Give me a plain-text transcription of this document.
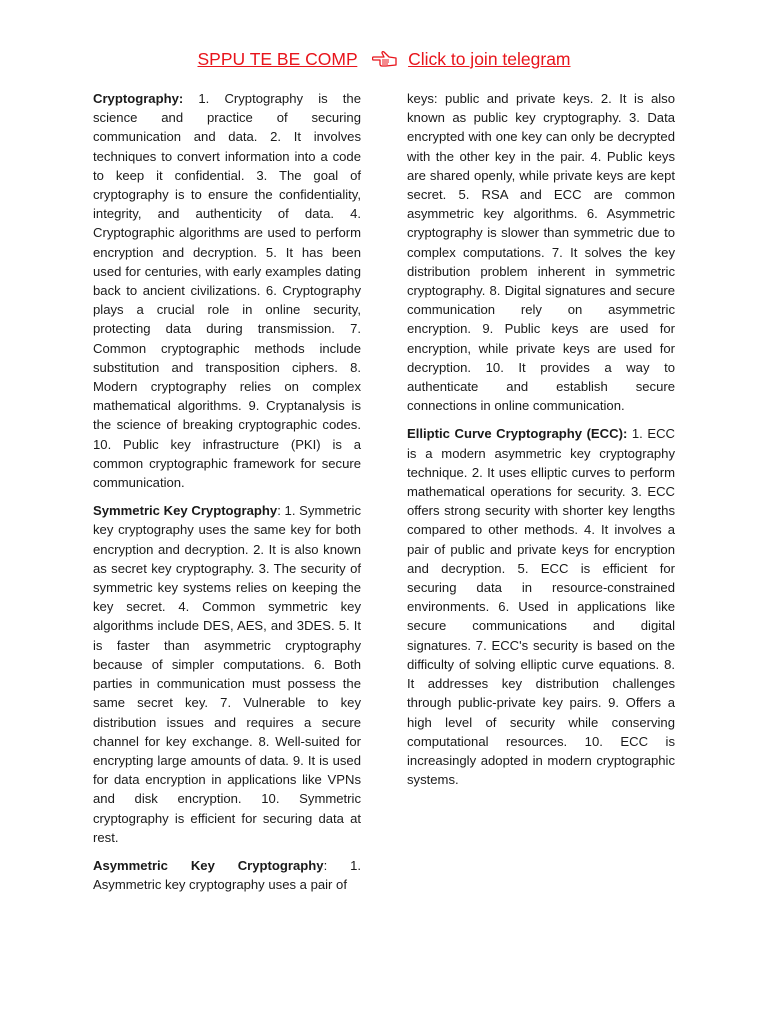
SPPU TE BE COMP	Click to join telegram

Cryptography: 1. Cryptography is the science and practice of securing communication and data. 2. It involves techniques to convert information into a code to keep it confidential. 3. The goal of cryptography is to ensure the confidentiality, integrity, and authenticity of data. 4. Cryptographic algorithms are used to perform encryption and decryption. 5. It has been used for centuries, with early examples dating back to ancient civilizations. 6. Cryptography plays a crucial role in online security, protecting data during transmission. 7. Common cryptographic methods include substitution and transposition ciphers. 8. Modern cryptography relies on complex mathematical algorithms. 9. Cryptanalysis is the science of breaking cryptographic codes. 10. Public key infrastructure (PKI) is a common cryptographic framework for secure communication.

Symmetric Key Cryptography: 1. Symmetric key cryptography uses the same key for both encryption and decryption. 2. It is also known as secret key cryptography. 3. The security of symmetric key systems relies on keeping the key secret. 4. Common symmetric key algorithms include DES, AES, and 3DES. 5. It is faster than asymmetric cryptography because of simpler computations. 6. Both parties in communication must possess the same secret key. 7. Vulnerable to key distribution issues and requires a secure channel for key exchange. 8. Well-suited for encrypting large amounts of data. 9. It is used for data encryption in applications like VPNs and disk encryption. 10. Symmetric cryptography is efficient for securing data at rest.

Asymmetric Key Cryptography: 1. Asymmetric key cryptography uses a pair of

keys: public and private keys. 2. It is also known as public key cryptography. 3. Data encrypted with one key can only be decrypted with the other key in the pair. 4. Public keys are shared openly, while private keys are kept secret. 5. RSA and ECC are common asymmetric key algorithms. 6. Asymmetric cryptography is slower than symmetric due to complex computations. 7. It solves the key distribution problem inherent in symmetric cryptography. 8. Digital signatures and secure communication rely on asymmetric encryption. 9. Public keys are used for encryption, while private keys are used for decryption. 10. It provides a way to authenticate and establish secure connections in online communication.

Elliptic Curve Cryptography (ECC): 1. ECC is a modern asymmetric key cryptography technique. 2. It uses elliptic curves to perform mathematical operations for security. 3. ECC offers strong security with shorter key lengths compared to other methods. 4. It involves a pair of public and private keys for encryption and decryption. 5. ECC is efficient for securing data in resource-constrained environments. 6. Used in applications like secure communications and digital signatures. 7. ECC's security is based on the difficulty of solving elliptic curve equations. 8. It addresses key distribution challenges through public-private key pairs. 9. Offers a high level of security while conserving computational resources. 10. ECC is increasingly adopted in modern cryptographic systems.
